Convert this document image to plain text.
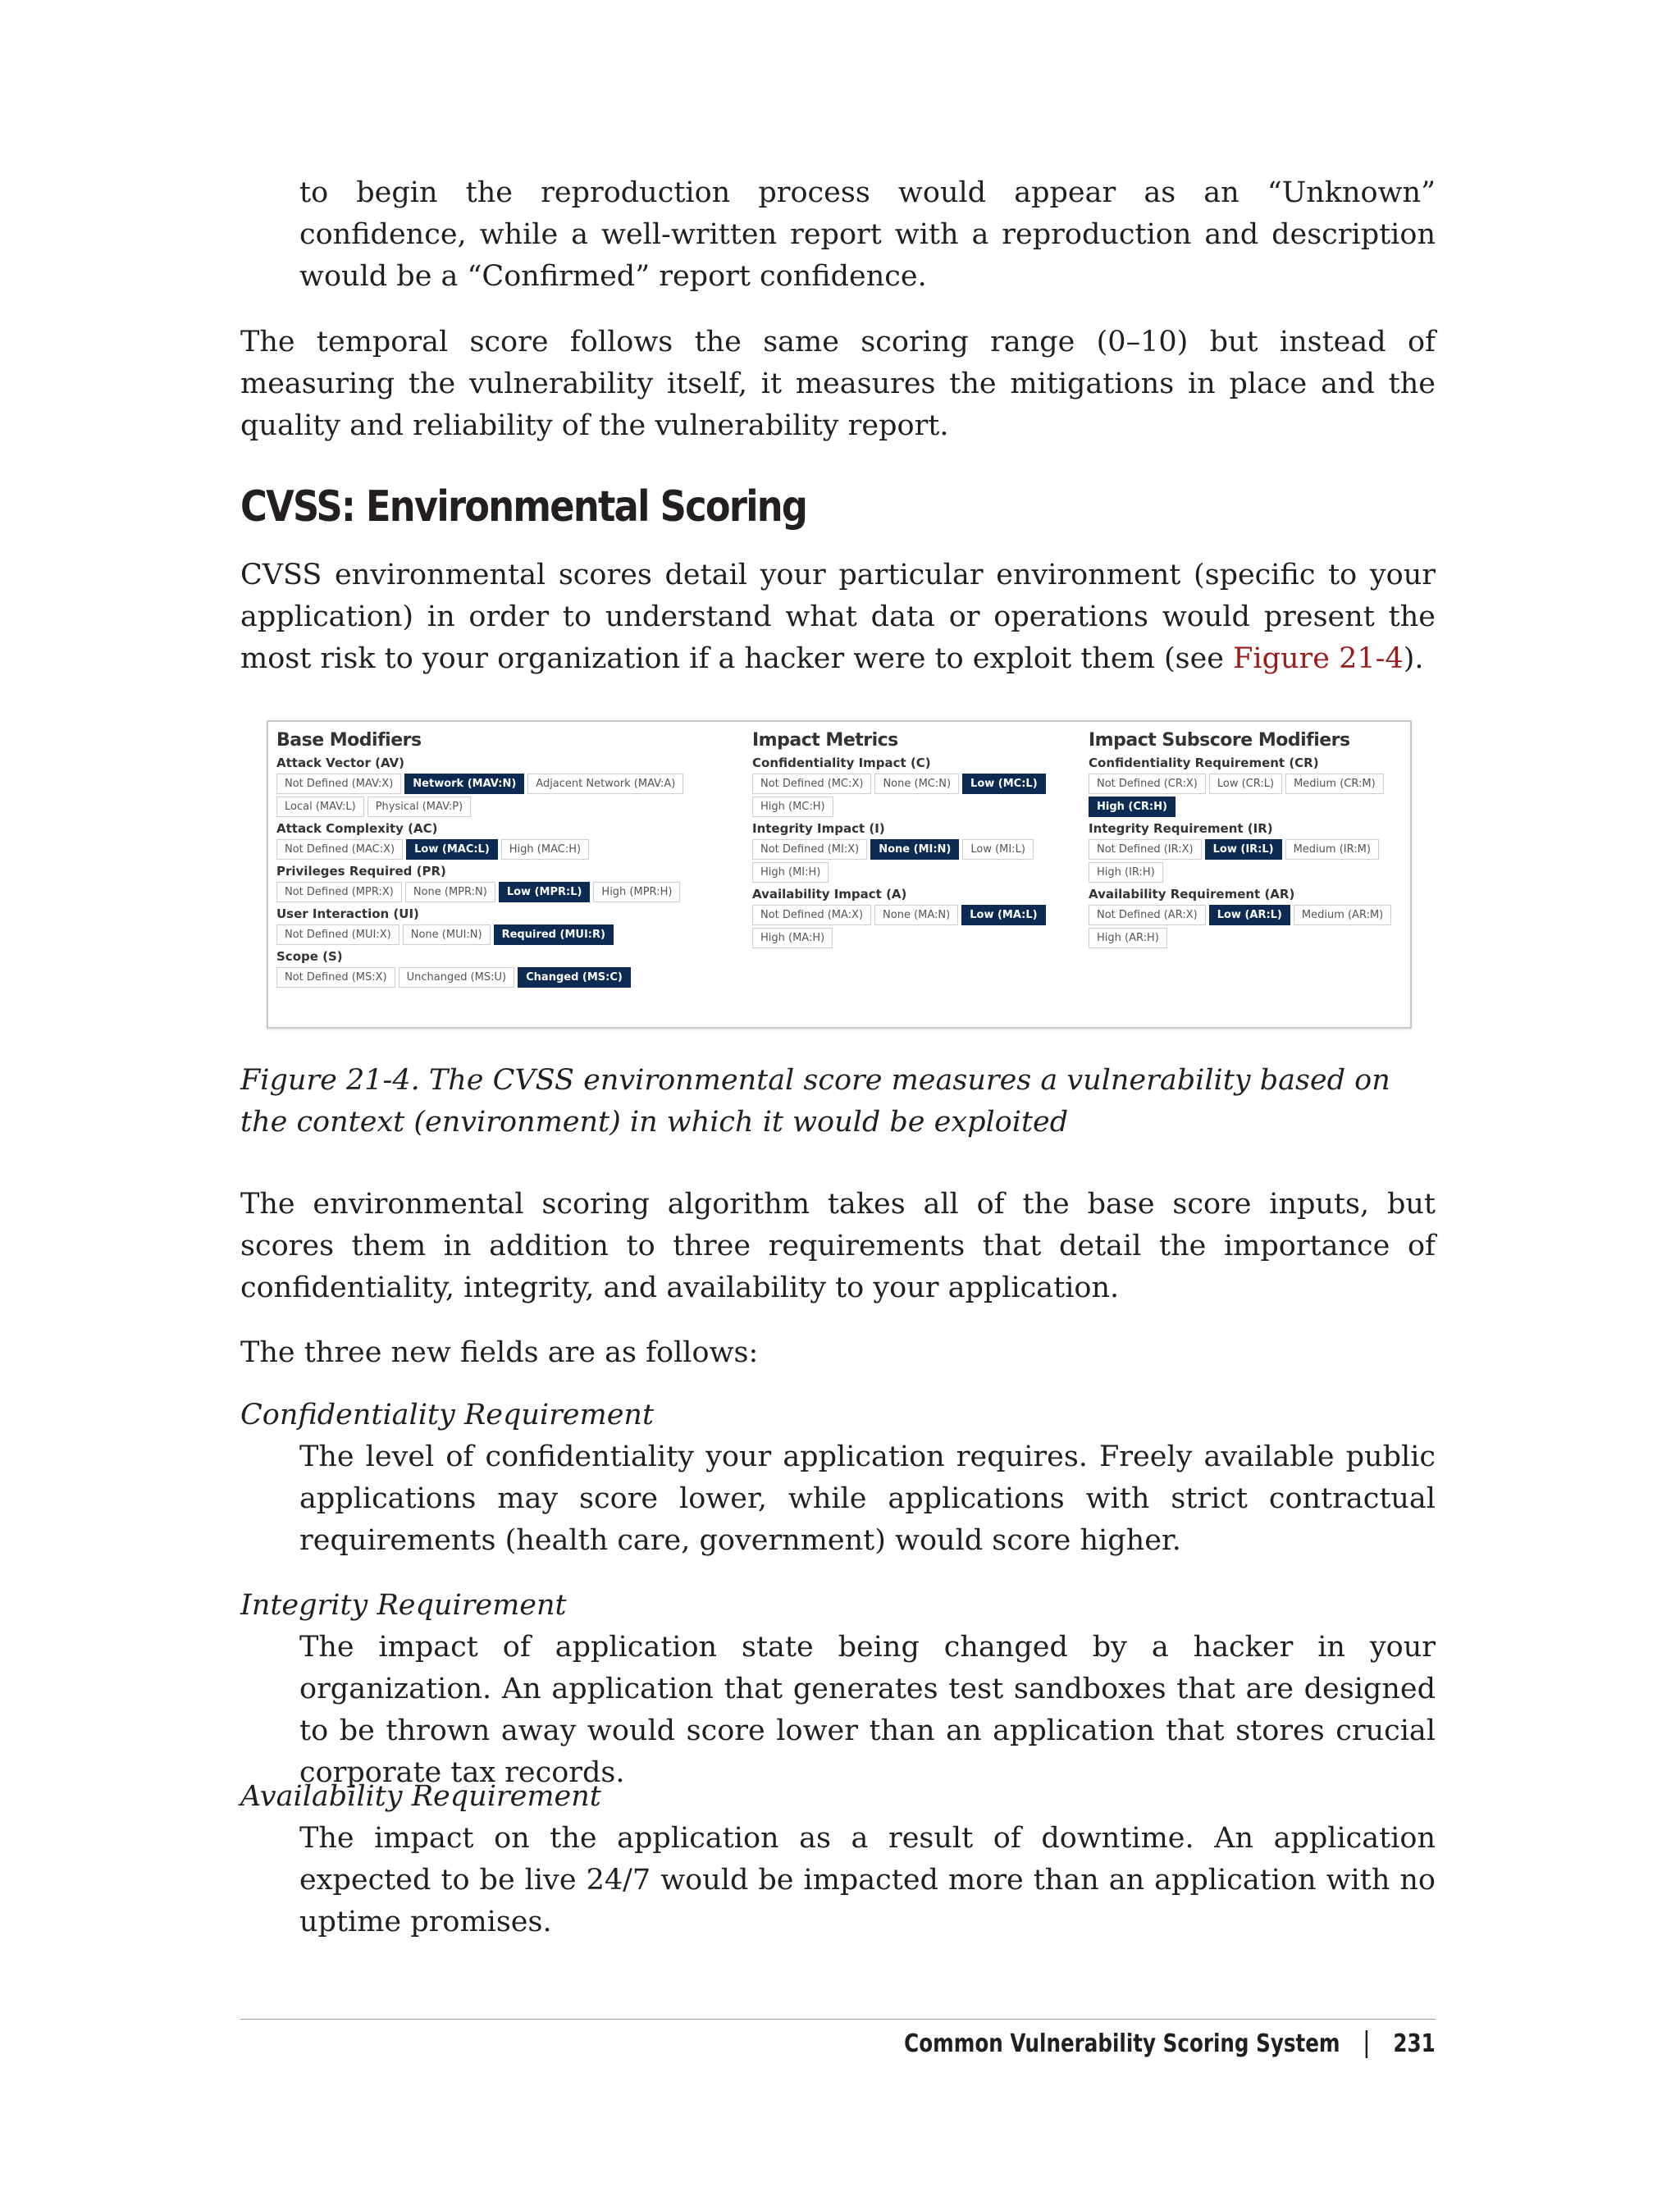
to begin the reproduction process would appear as an “Unknown” confidence, while a well-written report with a reproduction and description would be a “Confirmed” report confidence.

The temporal score follows the same scoring range (0–10) but instead of measuring the vulnerability itself, it measures the mitigations in place and the quality and reliability of the vulnerability report.

CVSS: Environmental Scoring

CVSS environmental scores detail your particular environment (specific to your application) in order to understand what data or operations would present the most risk to your organization if a hacker were to exploit them (see Figure 21-4).

Base Modifiers
Attack Vector (AV)
Not Defined (MAV:X)	Network (MAV:N)	Adjacent Network (MAV:A)
Local (MAV:L)	Physical (MAV:P)
Attack Complexity (AC)
Not Defined (MAC:X)	Low (MAC:L)	High (MAC:H)
Privileges Required (PR)
Not Defined (MPR:X)	None (MPR:N)	Low (MPR:L)	High (MPR:H)
User Interaction (UI)
Not Defined (MUI:X)	None (MUI:N)	Required (MUI:R)
Scope (S)
Not Defined (MS:X)	Unchanged (MS:U)	Changed (MS:C)
Impact Metrics
Confidentiality Impact (C)
Not Defined (MC:X)	None (MC:N)	Low (MC:L)
High (MC:H)
Integrity Impact (I)
Not Defined (MI:X)	None (MI:N)	Low (MI:L)
High (MI:H)
Availability Impact (A)
Not Defined (MA:X)	None (MA:N)	Low (MA:L)
High (MA:H)
Impact Subscore Modifiers
Confidentiality Requirement (CR)
Not Defined (CR:X)	Low (CR:L)	Medium (CR:M)
High (CR:H)
Integrity Requirement (IR)
Not Defined (IR:X)	Low (IR:L)	Medium (IR:M)
High (IR:H)
Availability Requirement (AR)
Not Defined (AR:X)	Low (AR:L)	Medium (AR:M)
High (AR:H)

Figure 21-4. The CVSS environmental score measures a vulnerability based on the context (environment) in which it would be exploited

The environmental scoring algorithm takes all of the base score inputs, but scores them in addition to three requirements that detail the importance of confidentiality, integrity, and availability to your application.

The three new fields are as follows:

Confidentiality Requirement

The level of confidentiality your application requires. Freely available public applications may score lower, while applications with strict contractual requirements (health care, government) would score higher.

Integrity Requirement

The impact of application state being changed by a hacker in your organization. An application that generates test sandboxes that are designed to be thrown away would score lower than an application that stores crucial corporate tax records.

Availability Requirement

The impact on the application as a result of downtime. An application expected to be live 24/7 would be impacted more than an application with no uptime promises.

Common Vulnerability Scoring System 231
